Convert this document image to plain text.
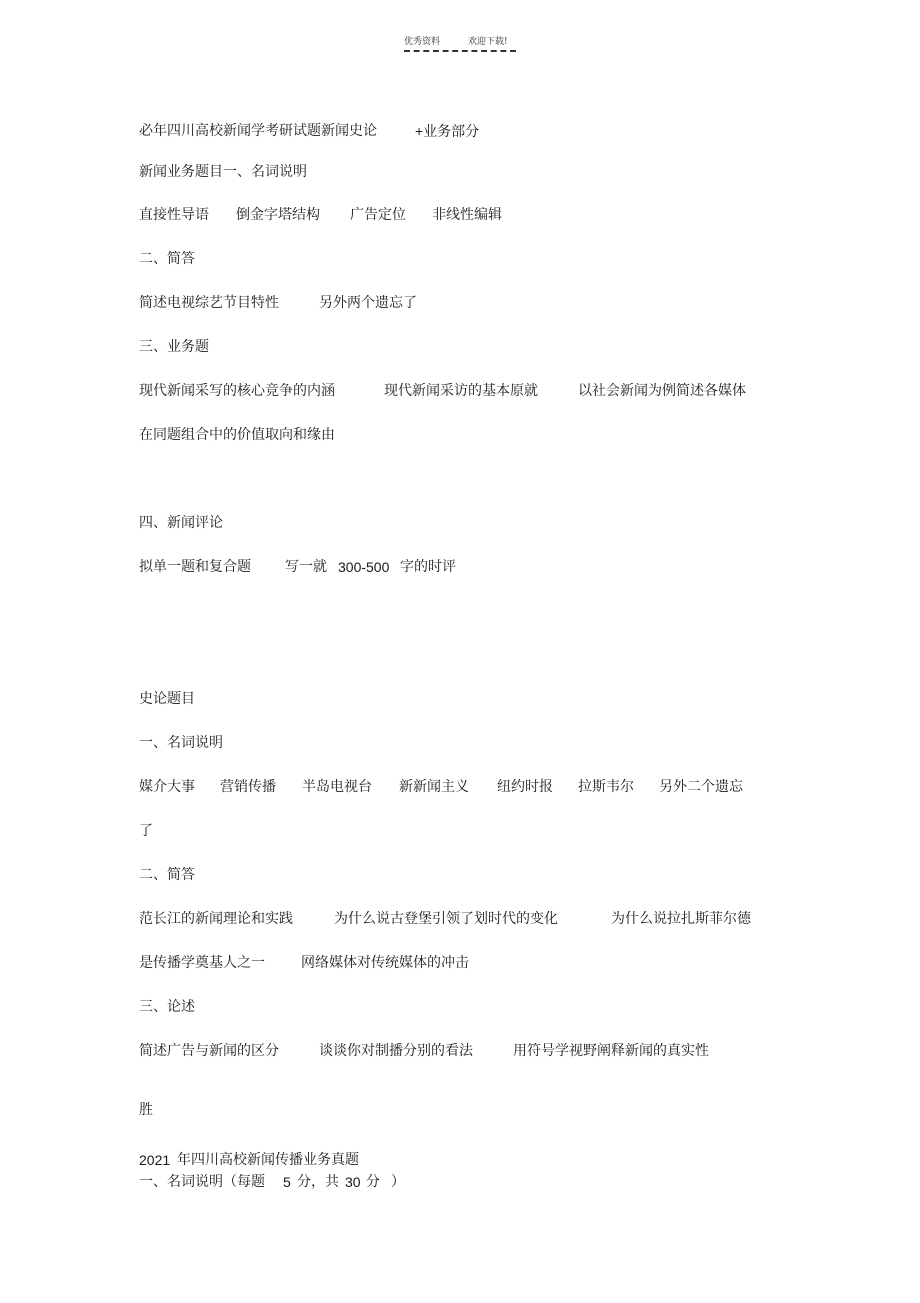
优秀资料	欢迎下载!
必年四川高校新闻学考研试题新闻史论	+业务部分
新闻业务题目一、名词说明
直接性导语 倒金字塔结构 广告定位 非线性编辑
二、简答
简述电视综艺节目特性	另外两个遗忘了
三、业务题
现代新闻采写的核心竞争的内涵	现代新闻采访的基本原就	以社会新闻为例简述各媒体
在同题组合中的价值取向和缘由
四、新闻评论
拟单一题和复合题 写一就 300-500 字的时评
史论题目
一、名词说明
媒介大事 营销传播 半岛电视台 新新闻主义 纽约时报 拉斯韦尔 另外二个遗忘
了
二、简答
范长江的新闻理论和实践	为什么说古登堡引领了划时代的变化	为什么说拉扎斯菲尔德
是传播学奠基人之一	网络媒体对传统媒体的冲击
三、论述
简述广告与新闻的区分	谈谈你对制播分别的看法	用符号学视野阐释新闻的真实性
胜
2021 年四川高校新闻传播业务真题
一、名词说明（每题 5 分，共 30 分 ）
